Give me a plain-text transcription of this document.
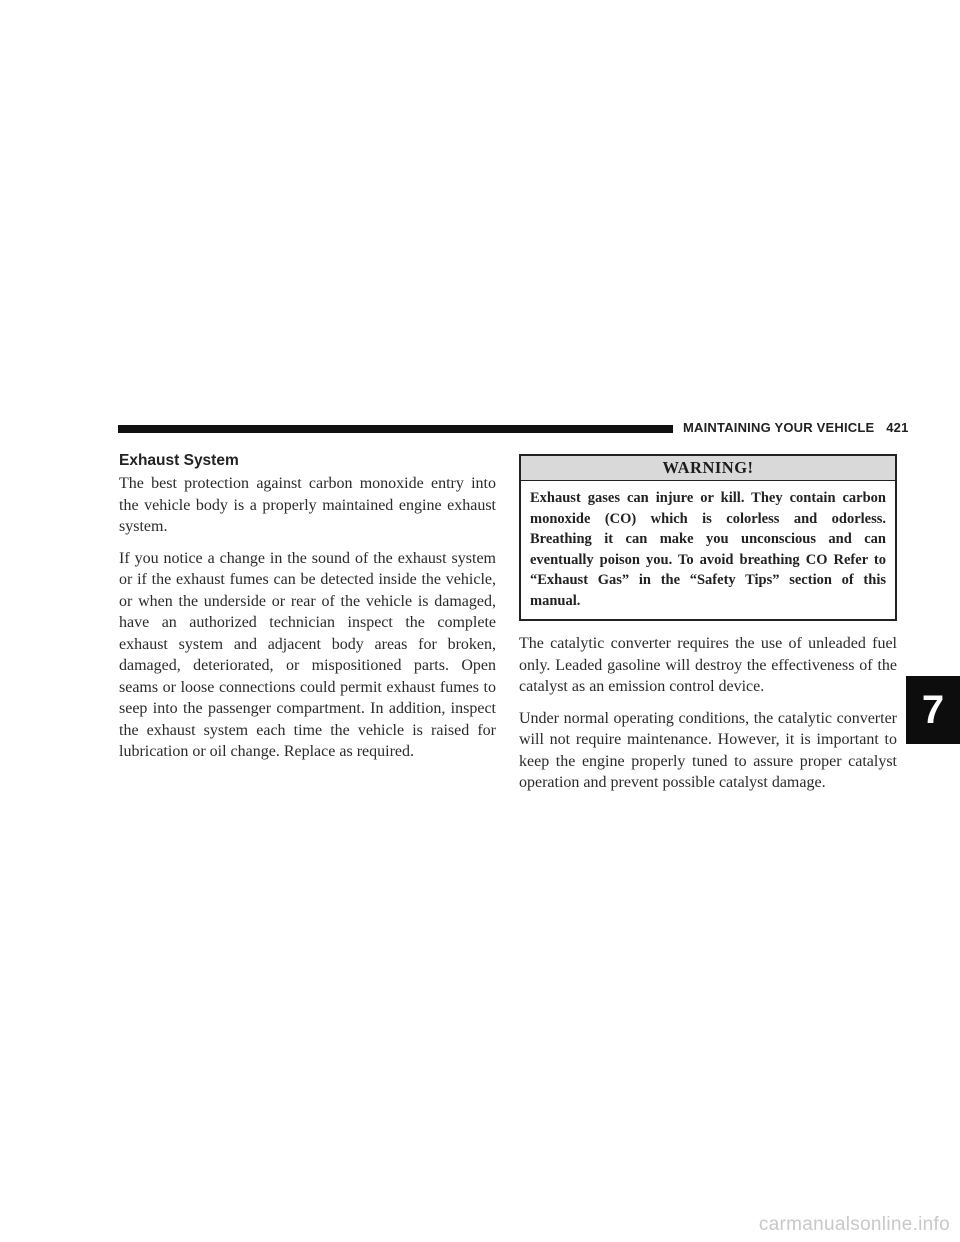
MAINTAINING YOUR VEHICLE 421
Exhaust System

The best protection against carbon monoxide entry into the vehicle body is a properly maintained engine exhaust system.

If you notice a change in the sound of the exhaust system or if the exhaust fumes can be detected inside the vehicle, or when the underside or rear of the vehicle is damaged, have an authorized technician inspect the complete exhaust system and adjacent body areas for broken, damaged, deteriorated, or mispositioned parts. Open seams or loose connections could permit exhaust fumes to seep into the passenger compartment. In addition, inspect the exhaust system each time the vehicle is raised for lubrication or oil change. Replace as required.

WARNING!
Exhaust gases can injure or kill. They contain carbon monoxide (CO) which is colorless and odorless. Breathing it can make you unconscious and can eventually poison you. To avoid breathing CO Refer to “Exhaust Gas” in the “Safety Tips” section of this manual.

The catalytic converter requires the use of unleaded fuel only. Leaded gasoline will destroy the effectiveness of the catalyst as an emission control device.

Under normal operating conditions, the catalytic converter will not require maintenance. However, it is important to keep the engine properly tuned to assure proper catalyst operation and prevent possible catalyst damage.

7
carmanualsonline.info
